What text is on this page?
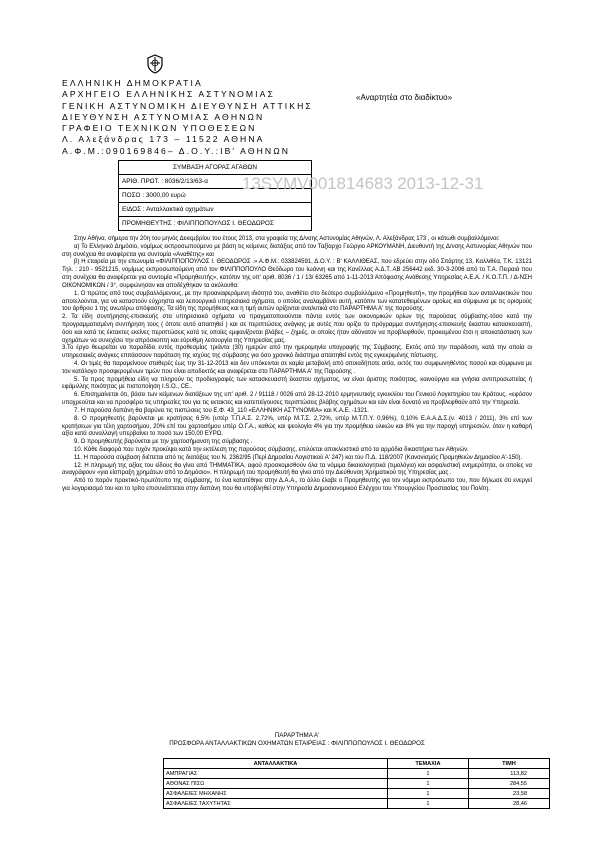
ΕΛΛΗΝΙΚΗ ΔΗΜΟΚΡΑΤΙΑ
ΑΡΧΗΓΕΙΟ ΕΛΛΗΝΙΚΗΣ ΑΣΤΥΝΟΜΙΑΣ
ΓΕΝΙΚΗ ΑΣΤΥΝΟΜΙΚΗ ΔΙΕΥΘΥΝΣΗ ΑΤΤΙΚΗΣ
ΔΙΕΥΘΥΝΣΗ ΑΣΤΥΝΟΜΙΑΣ ΑΘΗΝΩΝ
ΓΡΑΦΕΙΟ ΤΕΧΝΙΚΩΝ ΥΠΟΘΕΣΕΩΝ
Λ. Αλεξάνδρας 173 – 11522 ΑΘΗΝΑ
Α.Φ.Μ.:090169846– Δ.Ο.Υ.:ΙΒ' ΑΘΗΝΩΝ
«Αναρτητέα στο διαδίκτυο»
ΣΥΜΒΑΣΗ ΑΓΟΡΑΣ ΑΓΑΘΩΝ
ΑΡΙΘ. ΠΡΩΤ. : 8036/2/13/63-α
ΠΟΣΟ : 3000,00 ευρώ
ΕΙΔΟΣ : Ανταλλακτικά οχημάτων
ΠΡΟΜΗΘΕΥΤΗΣ : ΦΙΛΙΠΠΟΠΟΥΛΟΣ Ι. ΘΕΟΔΩΡΟΣ
13SYMV001814683 2013-12-31

Στην Αθήνα, σήμερα την 20η του μηνός Δεκεμβρίου του έτους 2013, στα γραφεία της Δ/νσης Αστυνομίας Αθηνών, Λ. Αλεξάνδρας 173 , οι κάτωθι συμβαλλόμενοι:

α) Το Ελληνικό Δημόσιο, νομίμως εκπροσωπούμενο με βάση τις κείμενες διατάξεις από τον Ταξίαρχο Γεώργιο ΑΡΚΟΥΜΑΝΗ, Διευθυντή της Δ/νσης Αστυνομίας Αθηνών που στη συνέχεια θα αναφέρεται για συντομία «Αναθέτης» και

β) Η εταιρεία με την επωνυμία «ΦΙΛΙΠΠΟΠΟΥΛΟΣ Ι. ΘΕΟΔΩΡΟΣ .» Α.Φ.Μ.: 033824591, Δ.Ο.Υ. : Β' ΚΑΛΛΙΘΕΑΣ, που εδρεύει στην οδό Σπάρτης 13, Καλλιθέα, Τ.Κ. 13121 Τηλ. : 210 - 9521215, νομίμως εκπροσωπούμενη από τον ΦΙΛΙΠΠΟΠΟΥΛΟ Θεόδωρο του Ιωάννη και της Κανέλλας Α.Δ.Τ. ΑΒ 256442 εκδ. 30-3-2006 από το Τ.Α. Πειραιά που στη συνέχεια θα αναφέρεται για συντομία «Προμηθευτής», κατόπιν της υπ' αριθ. 8036 / 1 / 13/ 63265 από 1-11-2013 Απόφασης Ανάθεσης Υπηρεσίας Α.Ε.Α. / Κ.Ο.Τ.Π. / Δ-ΝΣΗ ΟΙΚΟΝΟΜΙΚΩΝ / 3°, συμφώνησαν και αποδέχθηκαν τα ακόλουθα:

1. Ο πρώτος από τους συμβαλλόμενους, με την προαναφερόμενη ιδιότητά του, αναθέτει στο δεύτερο συμβαλλόμενο «Προμηθευτή», την προμήθεια των ανταλλακτικών που αποτελούνται, για να καταστούν εύχρηστα και λειτουργικά υπηρεσιακά οχήματα, ο οποίος αναλαμβάνει αυτή, κατόπιν των κατατεθειμένων ομοίως και σύμφωνα με τις ορισμούς του άρθρου 1 της ανωτέρω απόφασης. Τα είδη της προμήθειας και η τιμή αυτών ορίζονται αναλυτικά στο ΠΑΡΑΡΤΗΜΑ Α' της παρούσης.

2. Τα είδη συντήρησης-επισκευής στα υπηρεσιακά οχήματα να πραγματοποιούνται πάντα εντός των οικονομικών ορίων της παρούσας σύμβασης-τόσο κατά την προγραμματισμένη συντήρηση τους ( όποτε αυτό απαιτηθεί ) και σε περιπτώσεις ανάγκης με αυτές που ορίζει το πρόγραμμα συντήρησης-επισκευής έκαστου κατασκευαστή, όσο και κατά τις έκτακτες εκείνες περιπτώσεις κατά τις οποίες εμφανίζονται βλάβες – ζημιές, οι οποίες ήταν αδύνατον να προβλεφθούν, προκειμένου έτσι η αποκατάσταση των οχημάτων να συνεχίσει την απρόσκοπτη και εύρυθμη λειτουργία της Υπηρεσίας μας.

3.Το έργο θεωρείται να παραδίδει εντός προθεσμίας τριάντα (30) ημερών από την ημερομηνία υπογραφής της Σύμβασης. Εκτός από την παράδοση, κατά την οποία οι υπηρεσιακές ανάγκες επιτάσσουν παράταση της ισχύος της σύμβασης για όσο χρονικό διάστημα απαιτηθεί εντός της εγκεκριμένης πίστωσης.

4. Οι τιμές θα παραμείνουν σταθερές έως την 31-12-2013 και δεν υπόκεινται σε καμία μεταβολή από οποιαδήποτε αιτία, εκτός του συμφωνηθέντος ποσού και σύμφωνα με τον κατάλογο προσφερομένων τιμών που είναι αποδεκτός και αναφέρεται στο ΠΑΡΑΡΤΗΜΑ Α' της Παρούσης .

5. Τα προς προμήθεια είδη να πληρούν τις προδιαγραφές των κατασκευαστή έκαστου οχήματος, να είναι άριστης ποιότητας, καινούργια και γνήσια αντιπροσωπείας ή εφάμιλλης ποιότητας με πιστοποίηση I.S.O., CE..

6. Επισημαίνεται ότι, βάσει των κείμενων διατάξεων της υπ' αριθ. 2 / 91118 / 0026 από 28-12-2010 ερμηνευτικής εγκυκλίου του Γενικού Λογιστηρίου του Κράτους, «εφόσον υποχρεούται και να προσφέρει τις υπηρεσίες του για τις εκτακτες και κατεπείγουσες περιπτώσεις βλάβης οχημάτων και εάν είναι δυνατό να προβλεφθούν από την Υπηρεσία.

7. Η παρούσα δαπάνη θα βαρύνει τις πιστώσεις του Ε.Φ. 43_110 «ΕΛΛΗΝΙΚΗ ΑΣΤΥΝΟΜΙΑ» και Κ.Α.Ε. -1321.

8. Ο προμηθευτής βαρύνεται με κρατήσεις 6,5% (υπέρ Τ.Π.Α.Σ. 2,72%, υπέρ Μ.Τ.Σ. 2,72%, υπέρ Μ.Τ.Π.Υ. 0,96%), 0,10% Ε.Α.Α.Δ.Σ.(ν. 4013 / 2011), 3% επί των κρατήσεων για τέλη χαρτοσήμου, 20% επί του χαρτοσήμου υπέρ Ο.Γ.Α., καθώς και ψεολογία 4% για την προμήθεια υλικών και 8% για την παροχή υπηρεσιών, όταν η καθαρή αξία κατά συναλλαγή υπερβαίνει το ποσό των 150,00 ΕΥΡΩ.

9. Ο προμηθευτής βαρύνεται με την χαρτοσήμανση της σύμβασης .

10. Κάθε διαφορά που τυχόν προκύψει κατά την εκτέλεση της παρούσας σύμβασης, επιλύεται αποκλειστικά από τα αρμόδια δικαστήρια των Αθηνών.

11. Η παρούσα σύμβαση διέπεται από τις διατάξεις του Ν. 2362/95 (Περί Δημοσίου Λογιστικού Α' 247) και του Π.Δ. 118/2007 (Κανονισμός Προμηθειών Δημοσίου Α'-150).

12. Η πληρωμή της αξίας του είδους θα γίνει από ΤΗΜΜΑΤΙΚΑ, αφού προσκομισθούν όλα τα νόμιμα δικαιολογητικά (τιμολόγιο) και ασφαλιστική ενημερότητα, οι οποίες να αναγράφουν «για είσπραξη χρημάτων από το Δημόσιο». Η πληρωμή του προμηθευτή θα γίνει από την Διεύθυνση Χρηματικού της Υπηρεσίας μας .

Από το παρόν πρακτικό-πρωτότυπο της σύμβασης, το ένα κατατέθηκε στην Δ.Α.Α., το άλλο έλαβε ο Προμηθευτής για τον νόμιμο εκπρόσωπο του, που δήλωσε ότι ενεργεί για λογαριασμό του και το τρίτο επισυνάπτεται στην δαπάνη που θα υποβληθεί στην Υπηρεσία Δημοσιονομικού Ελέγχου του Υπουργείου Προστασίας του Πολίτη.

ΠΑΡΑΡΤΗΜΑ Α'
ΠΡΟΣΦΟΡΑ ΑΝΤΑΛΛΑΚΤΙΚΩΝ ΟΧΗΜΑΤΩΝ ΕΤΑΙΡΕΙΑΣ : ΦΙΛΙΠΠΟΠΟΥΛΟΣ Ι. ΘΕΟΔΩΡΟΣ
ΑΝΤΑΛΛΑΚΤΙΚΑ	ΤΕΜΑΧΙΑ	ΤΙΜΗ
ΑΜΠΡΑΓΙΑΣ	1	113,82
ΑΘΟΝΑΣ ΠΙΣΩ	1	284,55
ΑΣΦΑΛΕΙΕΣ ΜΗΧΑΝΗΣ	1	23,58
ΑΣΦΑΛΕΙΕΣ ΤΑΧΥΤΗΤΑΣ	1	28,46
